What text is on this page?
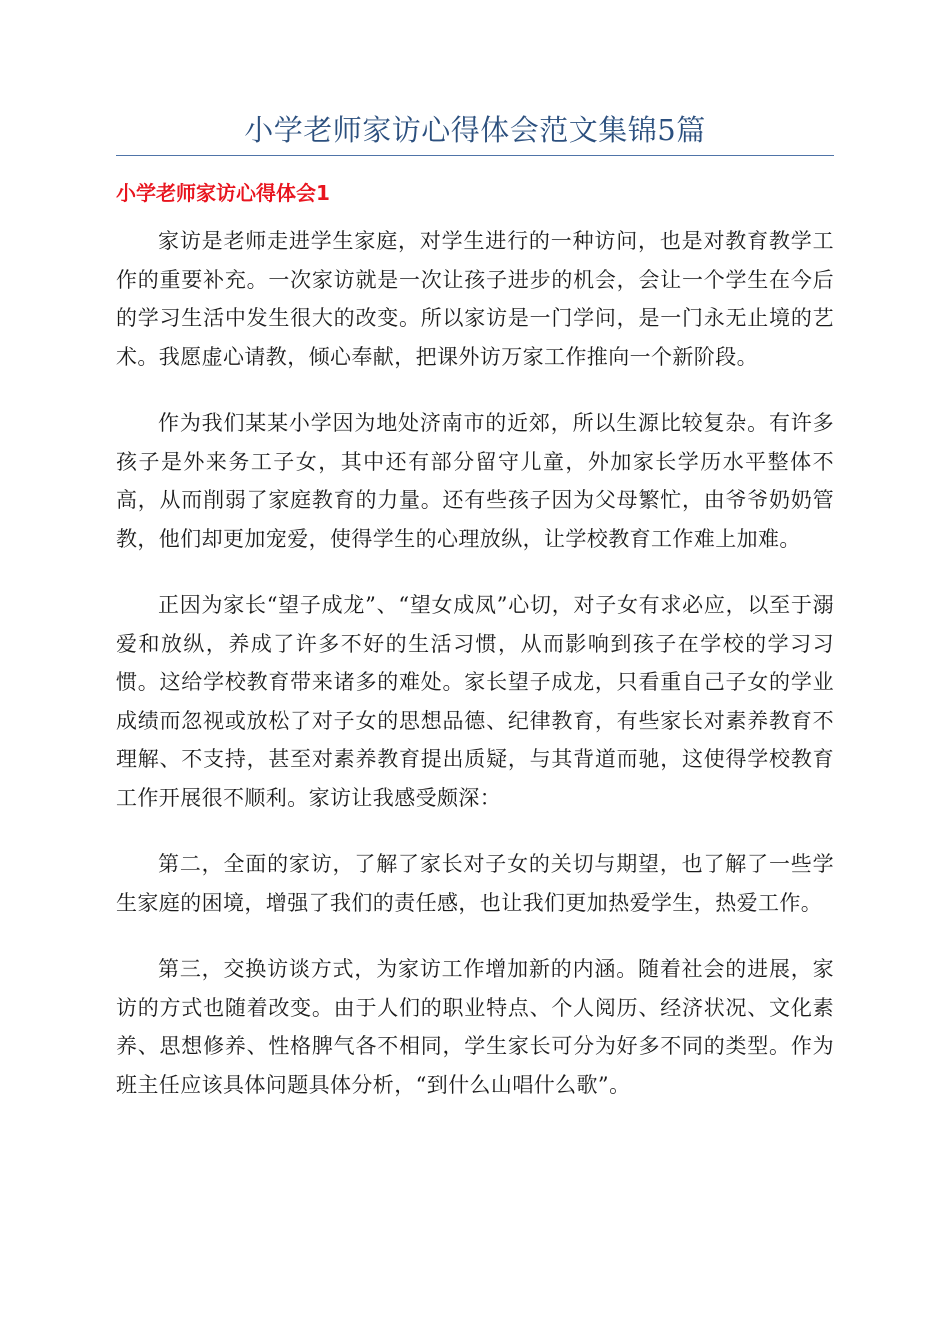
小学老师家访心得体会范文集锦5篇
小学老师家访心得体会1

家访是老师走进学生家庭，对学生进行的一种访问，也是对教育教学工作的重要补充。一次家访就是一次让孩子进步的机会，会让一个学生在今后的学习生活中发生很大的改变。所以家访是一门学问，是一门永无止境的艺术。我愿虚心请教，倾心奉献，把课外访万家工作推向一个新阶段。

作为我们某某小学因为地处济南市的近郊，所以生源比较复杂。有许多孩子是外来务工子女，其中还有部分留守儿童，外加家长学历水平整体不高，从而削弱了家庭教育的力量。还有些孩子因为父母繁忙，由爷爷奶奶管教，他们却更加宠爱，使得学生的心理放纵，让学校教育工作难上加难。

正因为家长“望子成龙”、“望女成凤”心切，对子女有求必应，以至于溺爱和放纵，养成了许多不好的生活习惯，从而影响到孩子在学校的学习习惯。这给学校教育带来诸多的难处。家长望子成龙，只看重自己子女的学业成绩而忽视或放松了对子女的思想品德、纪律教育，有些家长对素养教育不理解、不支持，甚至对素养教育提出质疑，与其背道而驰，这使得学校教育工作开展很不顺利。家访让我感受颇深：

第二，全面的家访，了解了家长对子女的关切与期望，也了解了一些学生家庭的困境，增强了我们的责任感，也让我们更加热爱学生，热爱工作。

第三，交换访谈方式，为家访工作增加新的内涵。随着社会的进展，家访的方式也随着改变。由于人们的职业特点、个人阅历、经济状况、文化素养、思想修养、性格脾气各不相同，学生家长可分为好多不同的类型。作为班主任应该具体问题具体分析，“到什么山唱什么歌”。
